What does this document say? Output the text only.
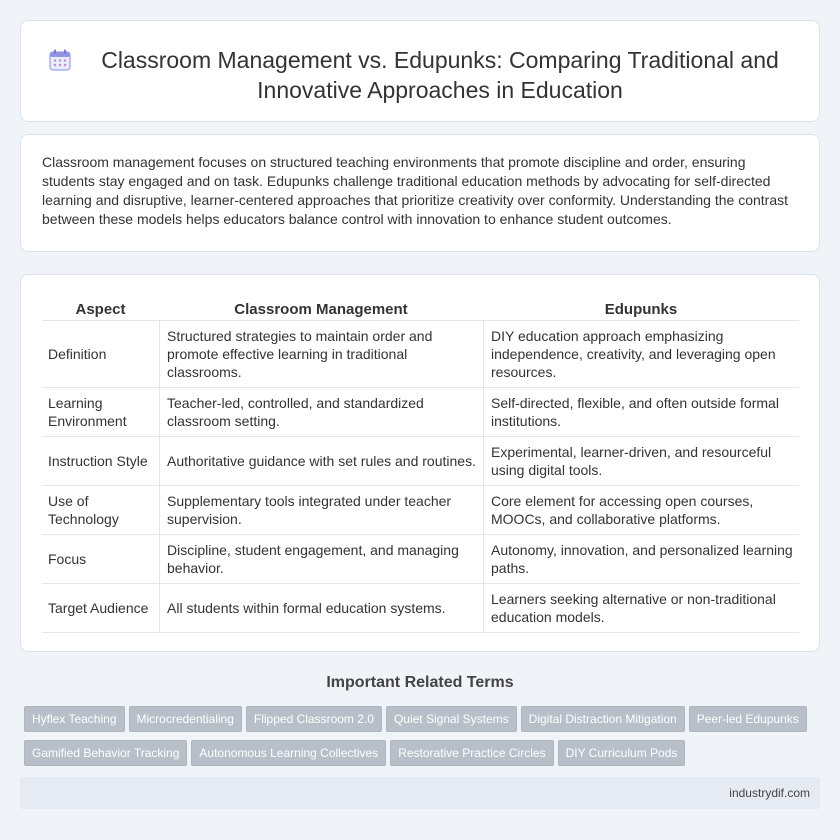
Classroom Management vs. Edupunks: Comparing Traditional and Innovative Approaches in Education

Classroom management focuses on structured teaching environments that promote discipline and order, ensuring students stay engaged and on task. Edupunks challenge traditional education methods by advocating for self-directed learning and disruptive, learner-centered approaches that prioritize creativity over conformity. Understanding the contrast between these models helps educators balance control with innovation to enhance student outcomes.

Aspect	Classroom Management	Edupunks
Definition	Structured strategies to maintain order and promote effective learning in traditional classrooms.	DIY education approach emphasizing independence, creativity, and leveraging open resources.
Learning Environment	Teacher-led, controlled, and standardized classroom setting.	Self-directed, flexible, and often outside formal institutions.
Instruction Style	Authoritative guidance with set rules and routines.	Experimental, learner-driven, and resourceful using digital tools.
Use of Technology	Supplementary tools integrated under teacher supervision.	Core element for accessing open courses, MOOCs, and collaborative platforms.
Focus	Discipline, student engagement, and managing behavior.	Autonomy, innovation, and personalized learning paths.
Target Audience	All students within formal education systems.	Learners seeking alternative or non-traditional education models.
Important Related Terms
Hyflex Teaching Microcredentialing Flipped Classroom 2.0 Quiet Signal Systems Digital Distraction Mitigation Peer-led Edupunks
Gamified Behavior Tracking Autonomous Learning Collectives Restorative Practice Circles DIY Curriculum Pods
industrydif.com
